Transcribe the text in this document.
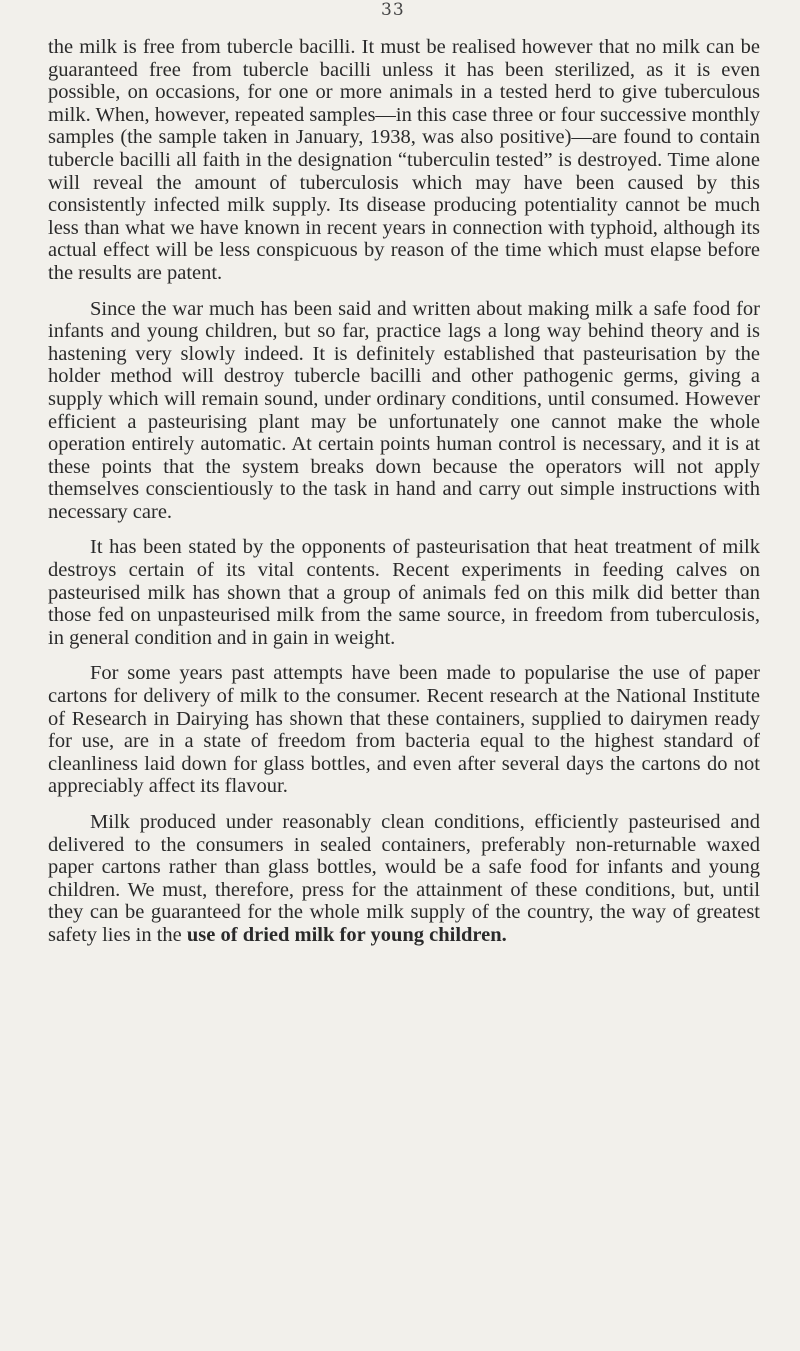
33

the milk is free from tubercle bacilli. It must be realised however that no milk can be guaranteed free from tubercle bacilli unless it has been sterilized, as it is even possible, on occasions, for one or more animals in a tested herd to give tuberculous milk. When, however, repeated samples—in this case three or four successive monthly samples (the sample taken in January, 1938, was also positive)—are found to contain tubercle bacilli all faith in the designation “tuberculin tested” is destroyed. Time alone will reveal the amount of tuberculosis which may have been caused by this consistently infected milk supply. Its disease producing potentiality cannot be much less than what we have known in recent years in connection with typhoid, although its actual effect will be less conspicuous by reason of the time which must elapse before the results are patent.

Since the war much has been said and written about making milk a safe food for infants and young children, but so far, practice lags a long way behind theory and is hastening very slowly indeed. It is definitely established that pasteurisation by the holder method will destroy tubercle bacilli and other pathogenic germs, giving a supply which will remain sound, under ordinary conditions, until consumed. However efficient a pasteurising plant may be unfortunately one cannot make the whole operation entirely automatic. At certain points human control is necessary, and it is at these points that the system breaks down because the operators will not apply themselves conscientiously to the task in hand and carry out simple instructions with necessary care.

It has been stated by the opponents of pasteurisation that heat treatment of milk destroys certain of its vital contents. Recent experiments in feeding calves on pasteurised milk has shown that a group of animals fed on this milk did better than those fed on unpasteurised milk from the same source, in freedom from tuberculosis, in general condition and in gain in weight.

For some years past attempts have been made to popularise the use of paper cartons for delivery of milk to the consumer. Recent research at the National Institute of Research in Dairying has shown that these containers, supplied to dairymen ready for use, are in a state of freedom from bacteria equal to the highest standard of cleanliness laid down for glass bottles, and even after several days the cartons do not appreciably affect its flavour.

Milk produced under reasonably clean conditions, efficiently pasteurised and delivered to the consumers in sealed containers, preferably non-returnable waxed paper cartons rather than glass bottles, would be a safe food for infants and young children. We must, therefore, press for the attainment of these conditions, but, until they can be guaranteed for the whole milk supply of the country, the way of greatest safety lies in the use of dried milk for young children.
